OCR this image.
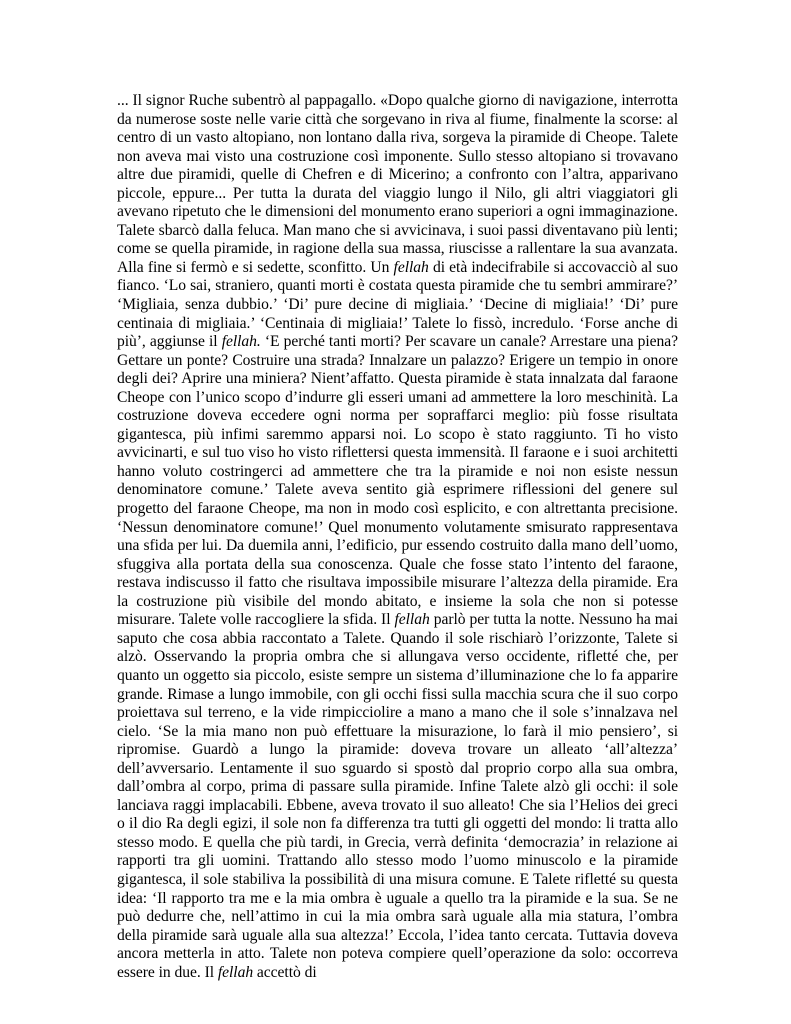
... Il signor Ruche subentrò al pappagallo. «Dopo qualche giorno di navigazione, interrotta da numerose soste nelle varie città che sorgevano in riva al fiume, finalmente la scorse: al centro di un vasto altopiano, non lontano dalla riva, sorgeva la piramide di Cheope. Talete non aveva mai visto una costruzione così imponente. Sullo stesso altopiano si trovavano altre due piramidi, quelle di Chefren e di Micerino; a confronto con l’altra, apparivano piccole, eppure... Per tutta la durata del viaggio lungo il Nilo, gli altri viaggiatori gli avevano ripetuto che le dimensioni del monumento erano superiori a ogni immaginazione. Talete sbarcò dalla feluca. Man mano che si avvicinava, i suoi passi diventavano più lenti; come se quella piramide, in ragione della sua massa, riuscisse a rallentare la sua avanzata. Alla fine si fermò e si sedette, sconfitto. Un fellah di età indecifrabile si accovacciò al suo fianco. ‘Lo sai, straniero, quanti morti è costata questa piramide che tu sembri ammirare?’ ‘Migliaia, senza dubbio.’ ‘Di’ pure decine di migliaia.’ ‘Decine di migliaia!’ ‘Di’ pure centinaia di migliaia.’ ‘Centinaia di migliaia!’ Talete lo fissò, incredulo. ‘Forse anche di più’, aggiunse il fellah. ‘E perché tanti morti? Per scavare un canale? Arrestare una piena? Gettare un ponte? Costruire una strada? Innalzare un palazzo? Erigere un tempio in onore degli dei? Aprire una miniera? Nient’affatto. Questa piramide è stata innalzata dal faraone Cheope con l’unico scopo d’indurre gli esseri umani ad ammettere la loro meschinità. La costruzione doveva eccedere ogni norma per sopraffarci meglio: più fosse risultata gigantesca, più infimi saremmo apparsi noi. Lo scopo è stato raggiunto. Ti ho visto avvicinarti, e sul tuo viso ho visto riflettersi questa immensità. Il faraone e i suoi architetti hanno voluto costringerci ad ammettere che tra la piramide e noi non esiste nessun denominatore comune.’ Talete aveva sentito già esprimere riflessioni del genere sul progetto del faraone Cheope, ma non in modo così esplicito, e con altrettanta precisione. ‘Nessun denominatore comune!’ Quel monumento volutamente smisurato rappresentava una sfida per lui. Da duemila anni, l’edificio, pur essendo costruito dalla mano dell’uomo, sfuggiva alla portata della sua conoscenza. Quale che fosse stato l’intento del faraone, restava indiscusso il fatto che risultava impossibile misurare l’altezza della piramide. Era la costruzione più visibile del mondo abitato, e insieme la sola che non si potesse misurare. Talete volle raccogliere la sfida. Il fellah parlò per tutta la notte. Nessuno ha mai saputo che cosa abbia raccontato a Talete. Quando il sole rischiarò l’orizzonte, Talete si alzò. Osservando la propria ombra che si allungava verso occidente, rifletté che, per quanto un oggetto sia piccolo, esiste sempre un sistema d’illuminazione che lo fa apparire grande. Rimase a lungo immobile, con gli occhi fissi sulla macchia scura che il suo corpo proiettava sul terreno, e la vide rimpicciolire a mano a mano che il sole s’innalzava nel cielo. ‘Se la mia mano non può effettuare la misurazione, lo farà il mio pensiero’, si ripromise. Guardò a lungo la piramide: doveva trovare un alleato ‘all’altezza’ dell’avversario. Lentamente il suo sguardo si spostò dal proprio corpo alla sua ombra, dall’ombra al corpo, prima di passare sulla piramide. Infine Talete alzò gli occhi: il sole lanciava raggi implacabili. Ebbene, aveva trovato il suo alleato! Che sia l’Helios dei greci o il dio Ra degli egizi, il sole non fa differenza tra tutti gli oggetti del mondo: li tratta allo stesso modo. E quella che più tardi, in Grecia, verrà definita ‘democrazia’ in relazione ai rapporti tra gli uomini. Trattando allo stesso modo l’uomo minuscolo e la piramide gigantesca, il sole stabiliva la possibilità di una misura comune. E Talete rifletté su questa idea: ‘Il rapporto tra me e la mia ombra è uguale a quello tra la piramide e la sua. Se ne può dedurre che, nell’attimo in cui la mia ombra sarà uguale alla mia statura, l’ombra della piramide sarà uguale alla sua altezza!’ Eccola, l’idea tanto cercata. Tuttavia doveva ancora metterla in atto. Talete non poteva compiere quell’operazione da solo: occorreva essere in due. Il fellah accettò di
